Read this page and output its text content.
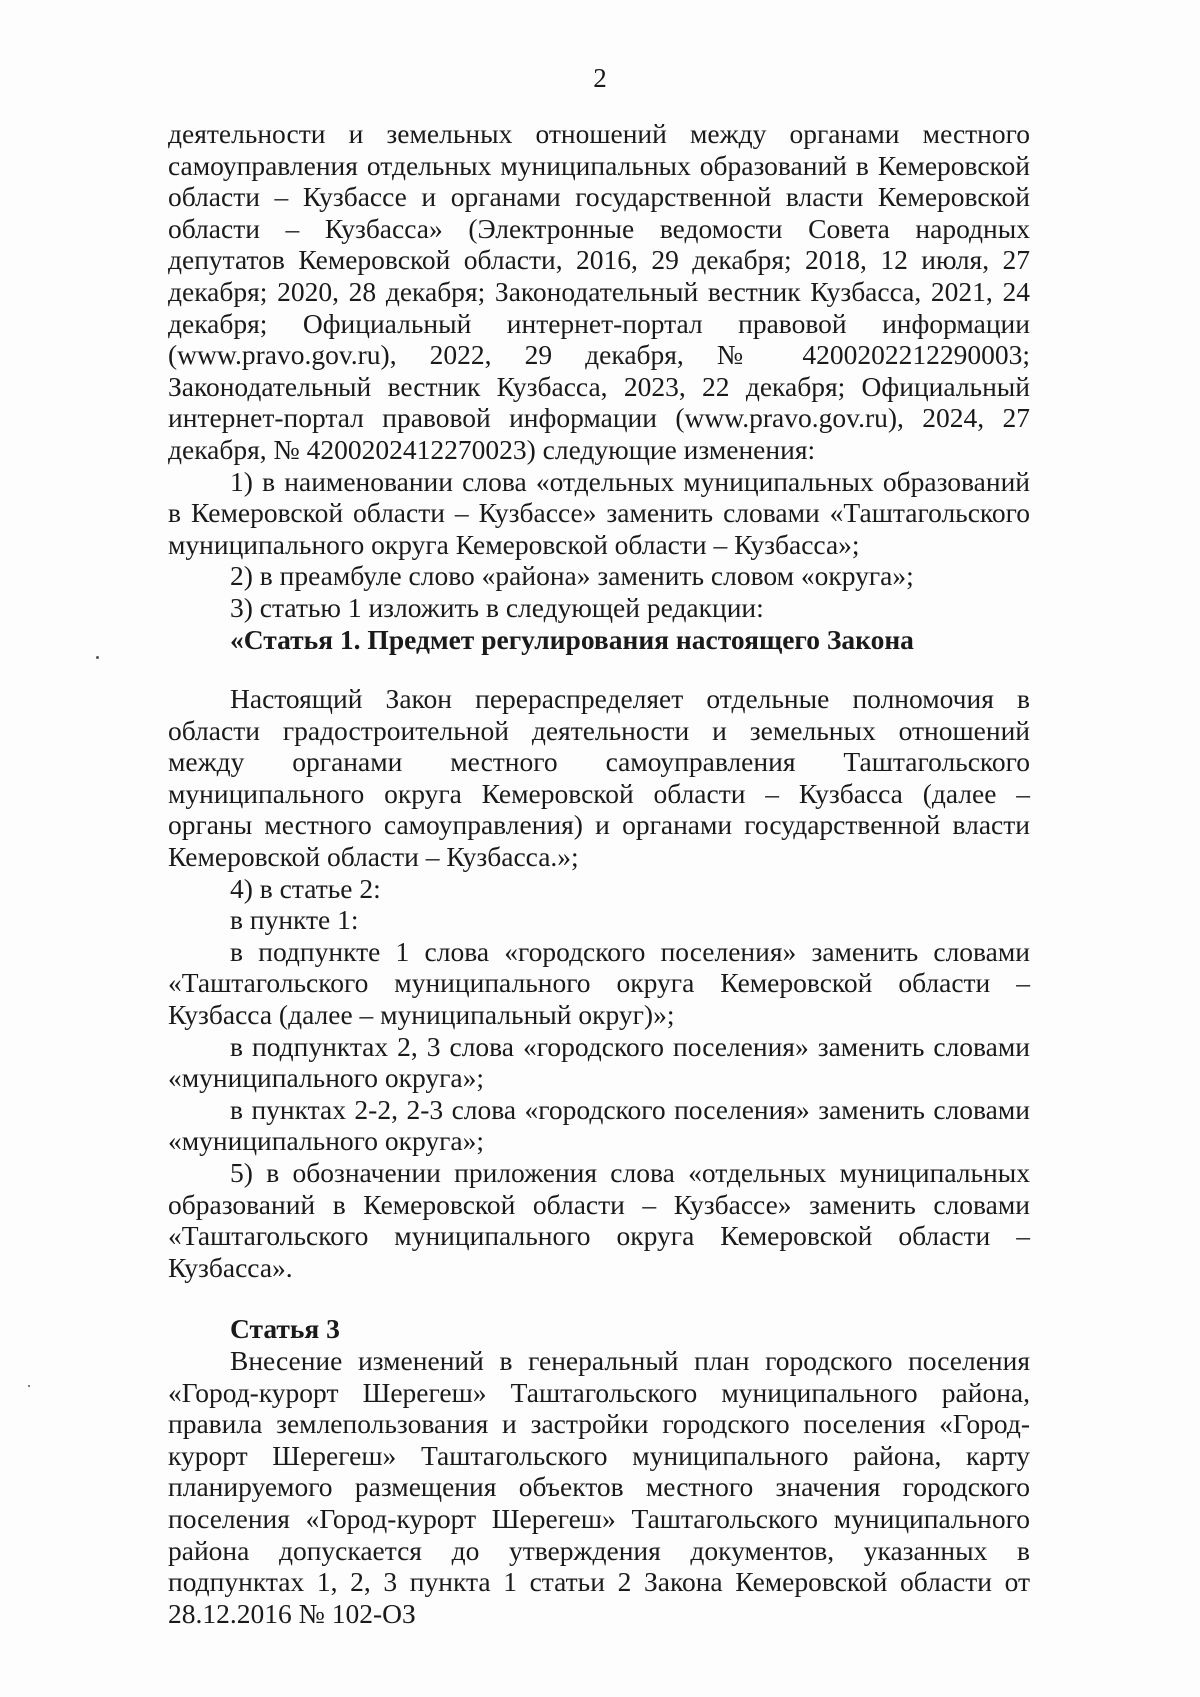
2

деятельности и земельных отношений между органами местного самоуправления отдельных муниципальных образований в Кемеровской области – Кузбассе и органами государственной власти Кемеровской области – Кузбасса» (Электронные ведомости Совета народных депутатов Кемеровской области, 2016, 29 декабря; 2018, 12 июля, 27 декабря; 2020, 28 декабря; Законодательный вестник Кузбасса, 2021, 24 декабря; Официальный интернет-портал правовой информации (www.pravo.gov.ru), 2022, 29 декабря, № 4200202212290003; Законодательный вестник Кузбасса, 2023, 22 декабря; Официальный интернет-портал правовой информации (www.pravo.gov.ru), 2024, 27 декабря, № 4200202412270023) следующие изменения:

1) в наименовании слова «отдельных муниципальных образований в Кемеровской области – Кузбассе» заменить словами «Таштагольского муниципального округа Кемеровской области – Кузбасса»;

2) в преамбуле слово «района» заменить словом «округа»;

3) статью 1 изложить в следующей редакции:

«Статья 1. Предмет регулирования настоящего Закона

Настоящий Закон перераспределяет отдельные полномочия в области градостроительной деятельности и земельных отношений между органами местного самоуправления Таштагольского муниципального округа Кемеровской области – Кузбасса (далее – органы местного самоуправления) и органами государственной власти Кемеровской области – Кузбасса.»;

4) в статье 2:

в пункте 1:

в подпункте 1 слова «городского поселения» заменить словами «Таштагольского муниципального округа Кемеровской области – Кузбасса (далее – муниципальный округ)»;

в подпунктах 2, 3 слова «городского поселения» заменить словами «муниципального округа»;

в пунктах 2-2, 2-3 слова «городского поселения» заменить словами «муниципального округа»;

5) в обозначении приложения слова «отдельных муниципальных образований в Кемеровской области – Кузбассе» заменить словами «Таштагольского муниципального округа Кемеровской области – Кузбасса».

Статья 3

Внесение изменений в генеральный план городского поселения «Город-курорт Шерегеш» Таштагольского муниципального района, правила землепользования и застройки городского поселения «Город-курорт Шерегеш» Таштагольского муниципального района, карту планируемого размещения объектов местного значения городского поселения «Город-курорт Шерегеш» Таштагольского муниципального района допускается до утверждения документов, указанных в подпунктах 1, 2, 3 пункта 1 статьи 2 Закона Кемеровской области от 28.12.2016 № 102-ОЗ
